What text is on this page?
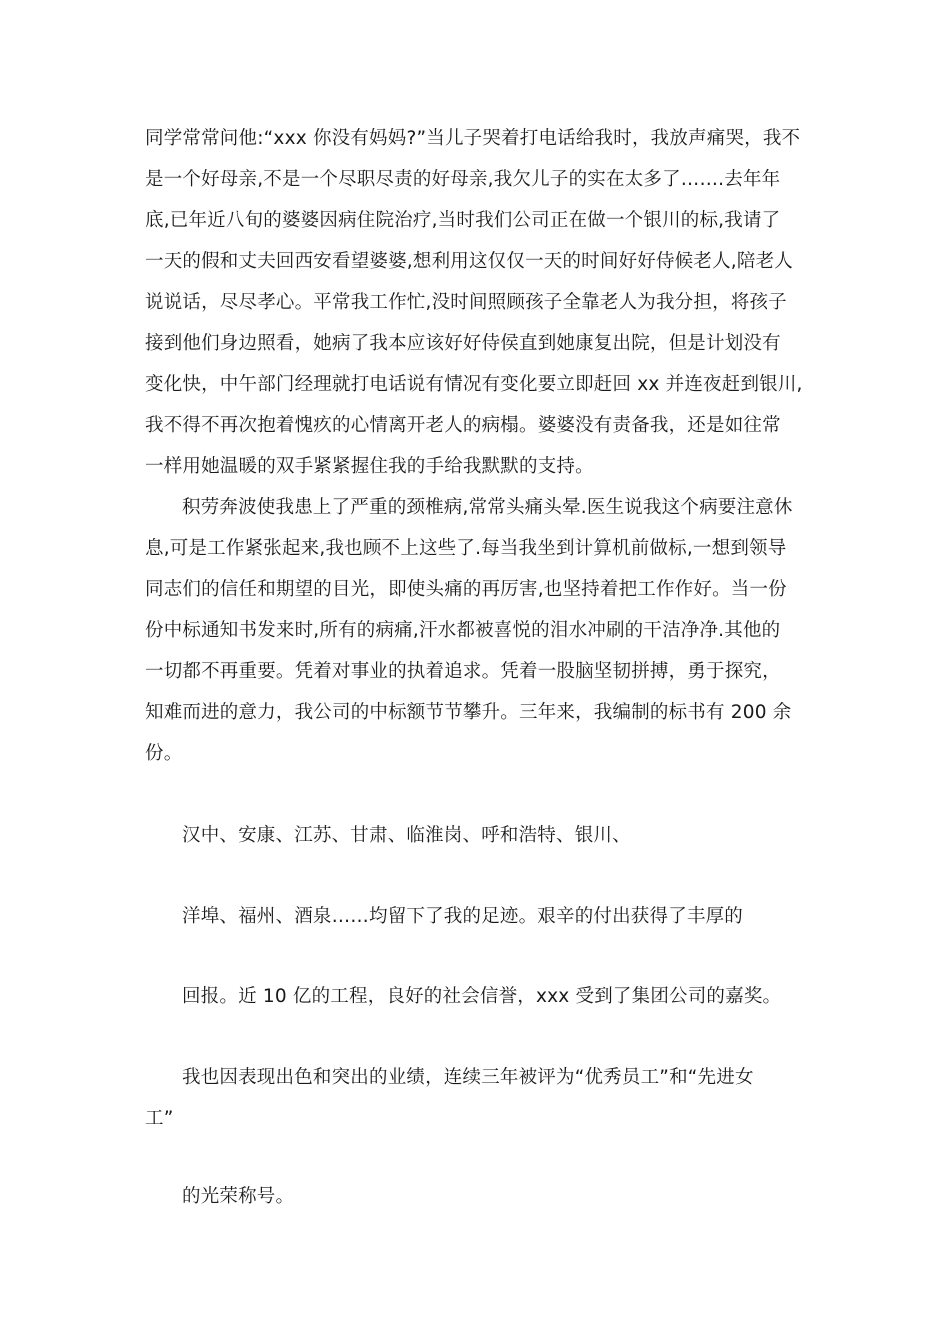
同学常常问他:“xxx 你没有妈妈?”当儿子哭着打电话给我时，我放声痛哭，我不
是一个好母亲,不是一个尽职尽责的好母亲,我欠儿子的实在太多了…….去年年
底,已年近八旬的婆婆因病住院治疗,当时我们公司正在做一个银川的标,我请了
一天的假和丈夫回西安看望婆婆,想利用这仅仅一天的时间好好侍候老人,陪老人
说说话，尽尽孝心。平常我工作忙,没时间照顾孩子全靠老人为我分担，将孩子
接到他们身边照看，她病了我本应该好好侍侯直到她康复出院，但是计划没有
变化快，中午部门经理就打电话说有情况有变化要立即赶回 xx 并连夜赶到银川,
我不得不再次抱着愧疚的心情离开老人的病榻。婆婆没有责备我，还是如往常
一样用她温暖的双手紧紧握住我的手给我默默的支持。
积劳奔波使我患上了严重的颈椎病,常常头痛头晕.医生说我这个病要注意休
息,可是工作紧张起来,我也顾不上这些了.每当我坐到计算机前做标,一想到领导
同志们的信任和期望的目光，即使头痛的再厉害,也坚持着把工作作好。当一份
份中标通知书发来时,所有的病痛,汗水都被喜悦的泪水冲刷的干洁净净.其他的
一切都不再重要。凭着对事业的执着追求。凭着一股脑坚韧拼搏，勇于探究，
知难而进的意力，我公司的中标额节节攀升。三年来，我编制的标书有 200 余
份。
汉中、安康、江苏、甘肃、临淮岗、呼和浩特、银川、
洋埠、福州、酒泉……均留下了我的足迹。艰辛的付出获得了丰厚的
回报。近 10 亿的工程，良好的社会信誉，xxx 受到了集团公司的嘉奖。
我也因表现出色和突出的业绩，连续三年被评为“优秀员工”和“先进女
工”
的光荣称号。
